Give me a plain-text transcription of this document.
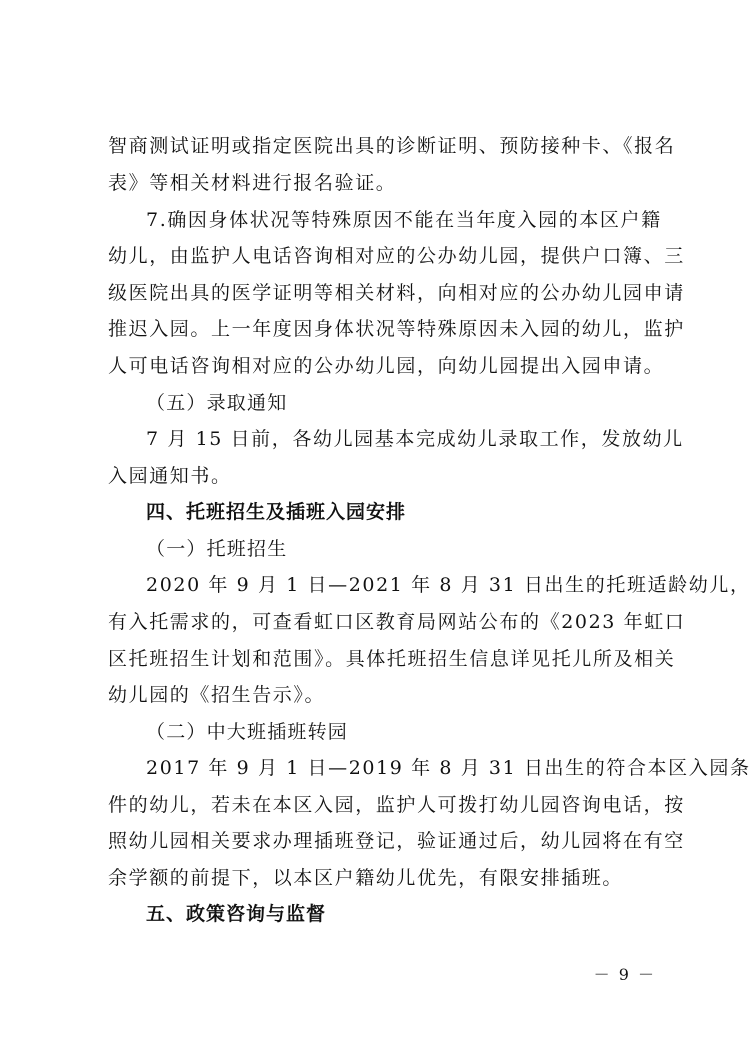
智商测试证明或指定医院出具的诊断证明、预防接种卡、《报名
表》等相关材料进行报名验证。
7.确因身体状况等特殊原因不能在当年度入园的本区户籍
幼儿，由监护人电话咨询相对应的公办幼儿园，提供户口簿、三
级医院出具的医学证明等相关材料，向相对应的公办幼儿园申请
推迟入园。上一年度因身体状况等特殊原因未入园的幼儿，监护
人可电话咨询相对应的公办幼儿园，向幼儿园提出入园申请。
（五）录取通知
7 月 15 日前，各幼儿园基本完成幼儿录取工作，发放幼儿
入园通知书。
四、托班招生及插班入园安排
（一）托班招生
2020 年 9 月 1 日—2021 年 8 月 31 日出生的托班适龄幼儿，
有入托需求的，可查看虹口区教育局网站公布的《2023 年虹口
区托班招生计划和范围》。具体托班招生信息详见托儿所及相关
幼儿园的《招生告示》。
（二）中大班插班转园
2017 年 9 月 1 日—2019 年 8 月 31 日出生的符合本区入园条
件的幼儿，若未在本区入园，监护人可拨打幼儿园咨询电话，按
照幼儿园相关要求办理插班登记，验证通过后，幼儿园将在有空
余学额的前提下，以本区户籍幼儿优先，有限安排插班。
五、政策咨询与监督
－ 9 －
